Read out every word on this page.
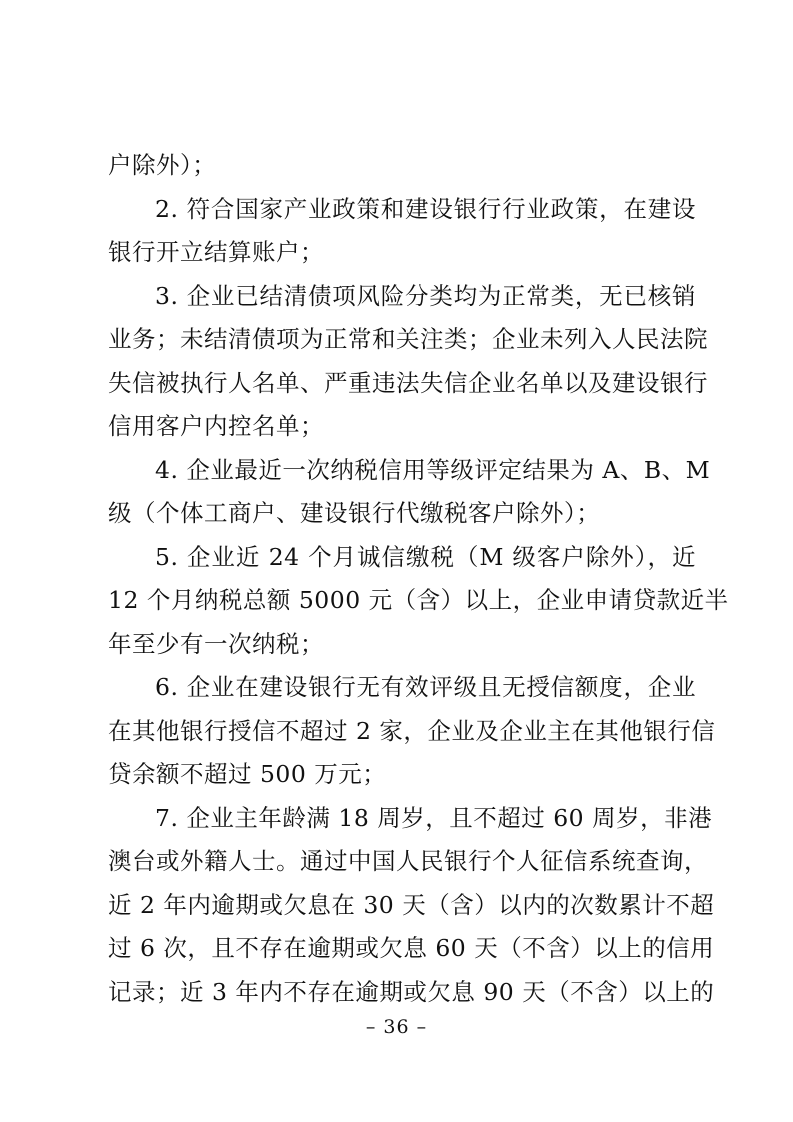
户除外）；
2. 符合国家产业政策和建设银行行业政策，在建设
银行开立结算账户；
3. 企业已结清债项风险分类均为正常类，无已核销
业务；未结清债项为正常和关注类；企业未列入人民法院
失信被执行人名单、严重违法失信企业名单以及建设银行
信用客户内控名单；
4. 企业最近一次纳税信用等级评定结果为 A、B、M
级（个体工商户、建设银行代缴税客户除外）；
5. 企业近 24 个月诚信缴税（M 级客户除外），近
12 个月纳税总额 5000 元（含）以上，企业申请贷款近半
年至少有一次纳税；
6. 企业在建设银行无有效评级且无授信额度，企业
在其他银行授信不超过 2 家，企业及企业主在其他银行信
贷余额不超过 500 万元；
7. 企业主年龄满 18 周岁，且不超过 60 周岁，非港
澳台或外籍人士。通过中国人民银行个人征信系统查询，
近 2 年内逾期或欠息在 30 天（含）以内的次数累计不超
过 6 次，且不存在逾期或欠息 60 天（不含）以上的信用
记录；近 3 年内不存在逾期或欠息 90 天（不含）以上的
– 36 –
